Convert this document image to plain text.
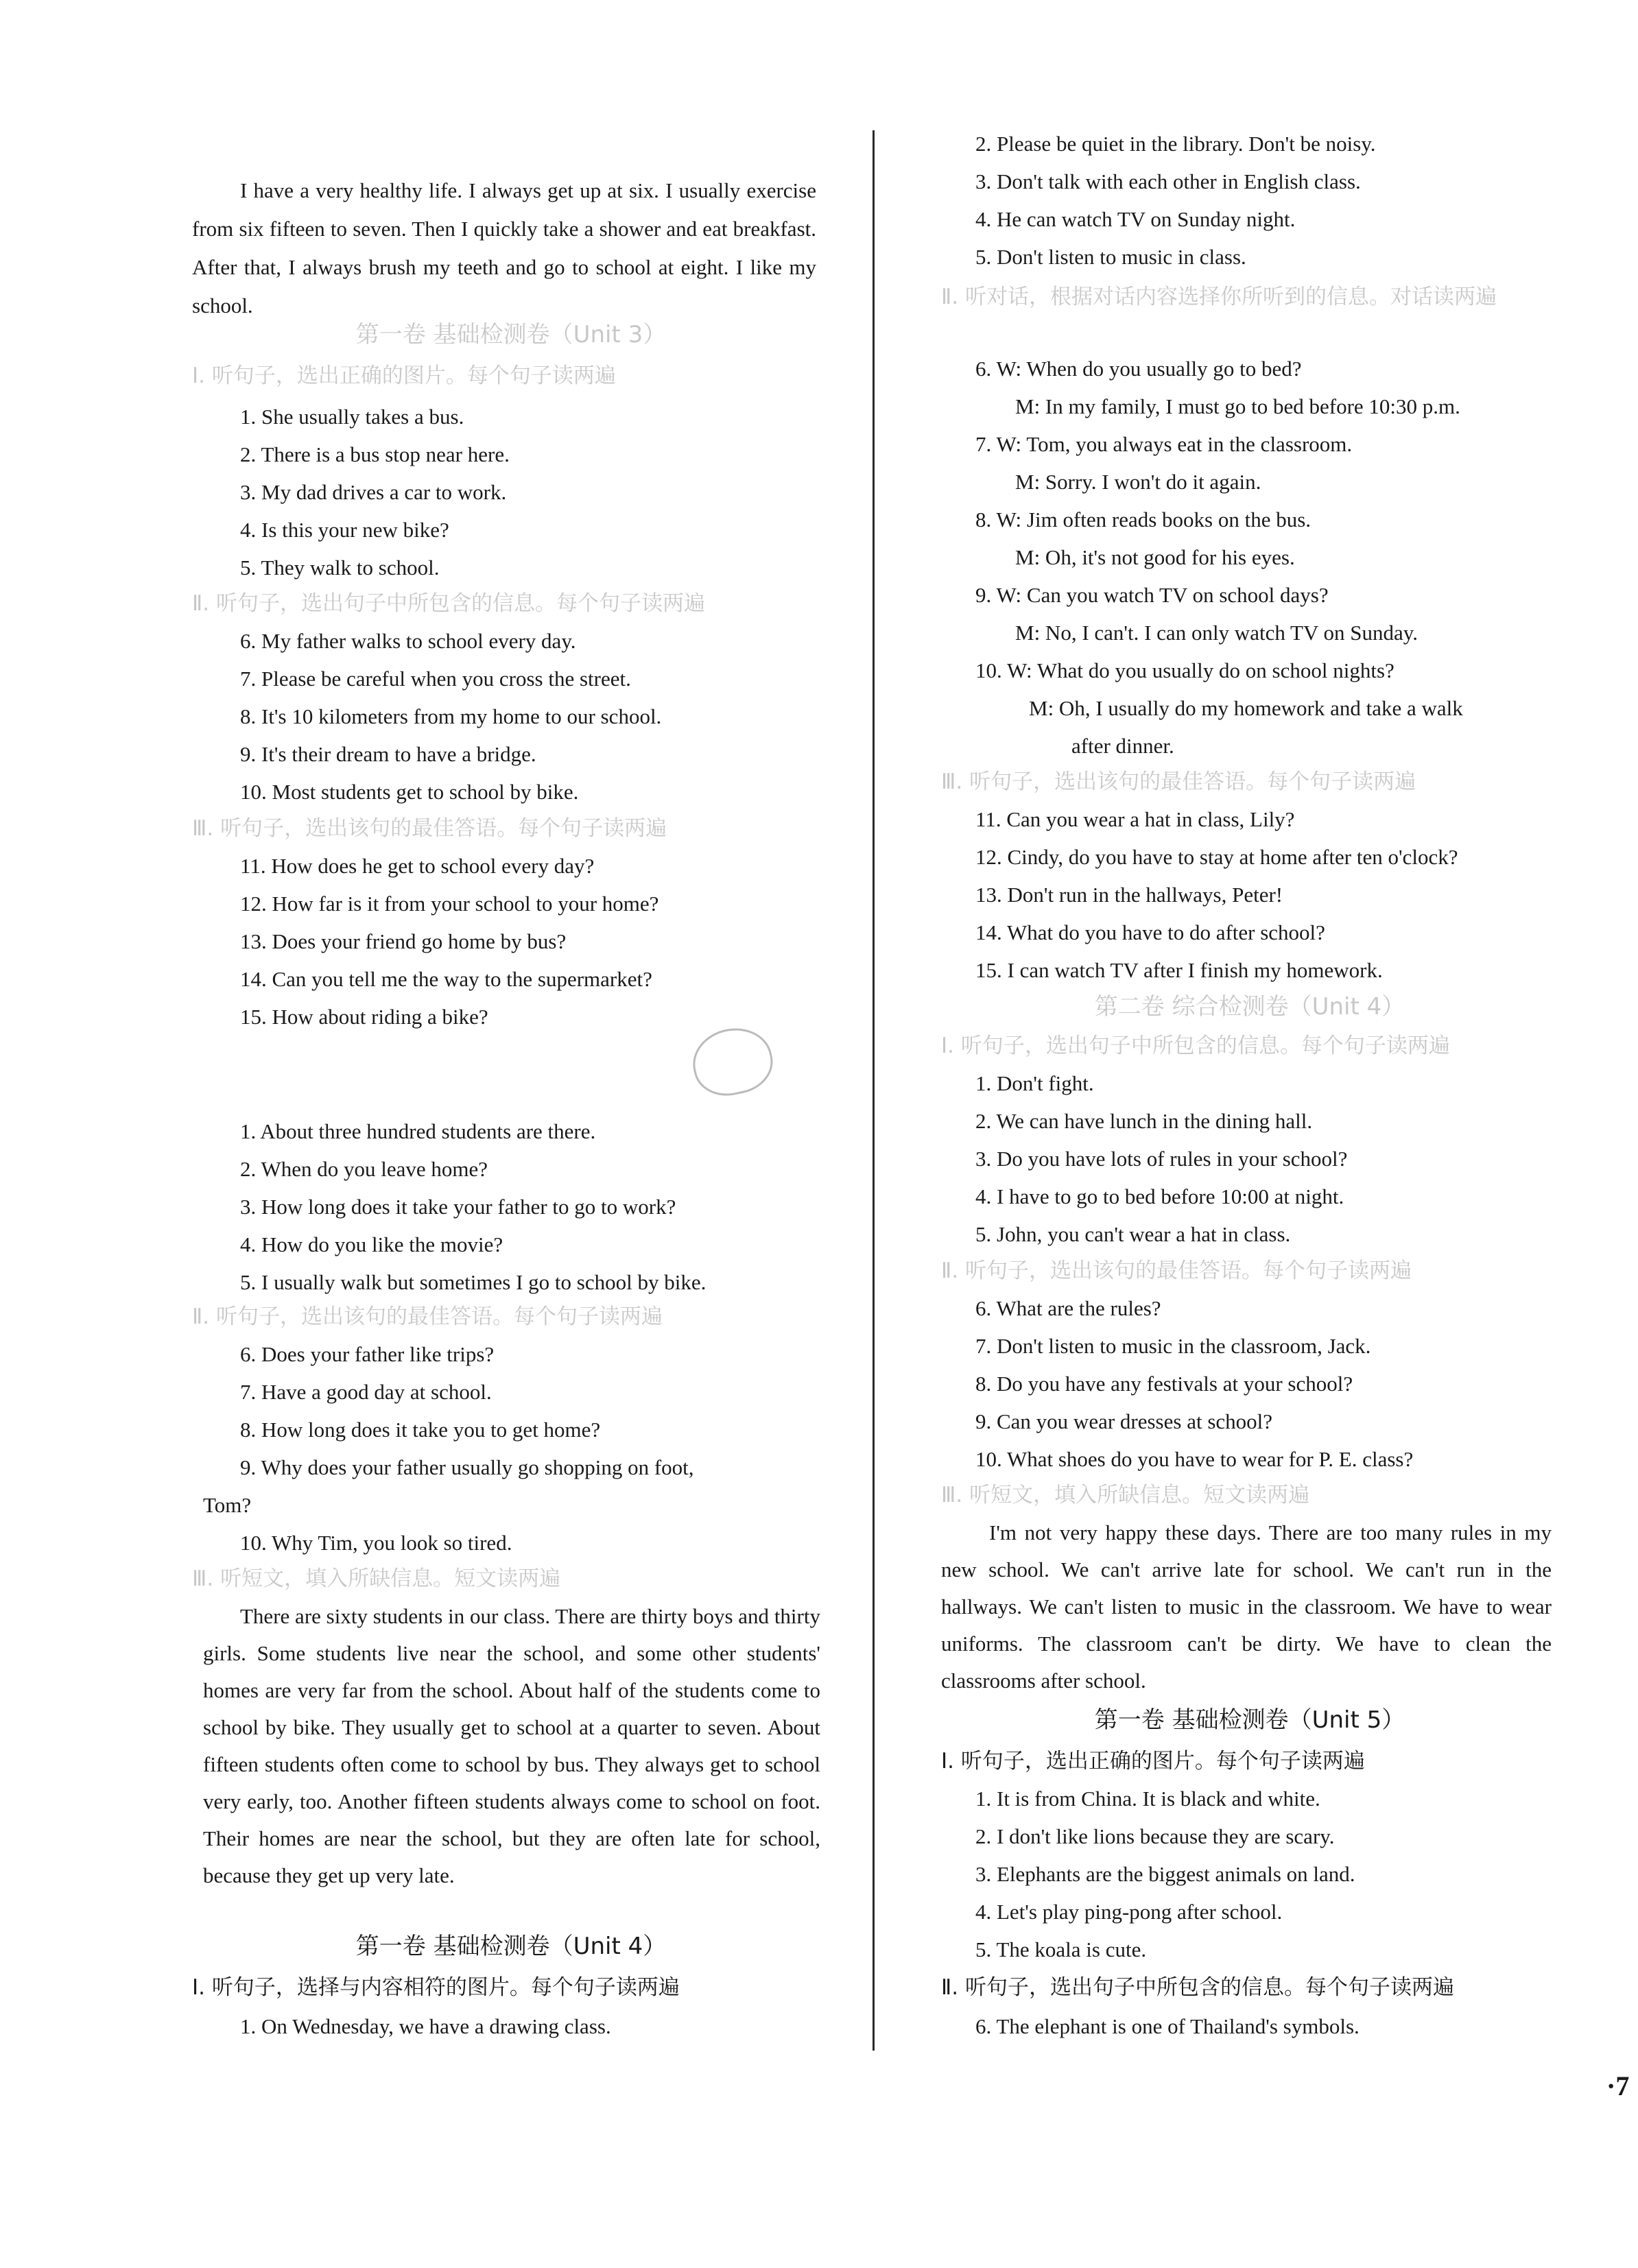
I have a very healthy life. I always get up at six. I usually exercise from six fifteen to seven. Then I quickly take a shower and eat breakfast. After that, I always brush my teeth and go to school at eight. I like my school.
第一卷 基础检测卷（Unit 3）
Ⅰ. 听句子，选出正确的图片。每个句子读两遍
1. She usually takes a bus.
2. There is a bus stop near here.
3. My dad drives a car to work.
4. Is this your new bike?
5. They walk to school.
Ⅱ. 听句子，选出句子中所包含的信息。每个句子读两遍
6. My father walks to school every day.
7. Please be careful when you cross the street.
8. It's 10 kilometers from my home to our school.
9. It's their dream to have a bridge.
10. Most students get to school by bike.
Ⅲ. 听句子，选出该句的最佳答语。每个句子读两遍
11. How does he get to school every day?
12. How far is it from your school to your home?
13. Does your friend go home by bus?
14. Can you tell me the way to the supermarket?
15. How about riding a bike?
1. About three hundred students are there.
2. When do you leave home?
3. How long does it take your father to go to work?
4. How do you like the movie?
5. I usually walk but sometimes I go to school by bike.
Ⅱ. 听句子，选出该句的最佳答语。每个句子读两遍
6. Does your father like trips?
7. Have a good day at school.
8. How long does it take you to get home?
9. Why does your father usually go shopping on foot,
Tom?
10. Why Tim, you look so tired.
Ⅲ. 听短文，填入所缺信息。短文读两遍
There are sixty students in our class. There are thirty boys and thirty girls. Some students live near the school, and some other students' homes are very far from the school. About half of the students come to school by bike. They usually get to school at a quarter to seven. About fifteen students often come to school by bus. They always get to school very early, too. Another fifteen students always come to school on foot. Their homes are near the school, but they are often late for school, because they get up very late.
第一卷 基础检测卷（Unit 4）
Ⅰ. 听句子，选择与内容相符的图片。每个句子读两遍
1. On Wednesday, we have a drawing class.
2. Please be quiet in the library. Don't be noisy.
3. Don't talk with each other in English class.
4. He can watch TV on Sunday night.
5. Don't listen to music in class.
Ⅱ. 听对话，根据对话内容选择你所听到的信息。对话读两遍
6. W: When do you usually go to bed?
M: In my family, I must go to bed before 10:30 p.m.
7. W: Tom, you always eat in the classroom.
M: Sorry. I won't do it again.
8. W: Jim often reads books on the bus.
M: Oh, it's not good for his eyes.
9. W: Can you watch TV on school days?
M: No, I can't. I can only watch TV on Sunday.
10. W: What do you usually do on school nights?
M: Oh, I usually do my homework and take a walk
after dinner.
Ⅲ. 听句子，选出该句的最佳答语。每个句子读两遍
11. Can you wear a hat in class, Lily?
12. Cindy, do you have to stay at home after ten o'clock?
13. Don't run in the hallways, Peter!
14. What do you have to do after school?
15. I can watch TV after I finish my homework.
第二卷 综合检测卷（Unit 4）
Ⅰ. 听句子，选出句子中所包含的信息。每个句子读两遍
1. Don't fight.
2. We can have lunch in the dining hall.
3. Do you have lots of rules in your school?
4. I have to go to bed before 10:00 at night.
5. John, you can't wear a hat in class.
Ⅱ. 听句子，选出该句的最佳答语。每个句子读两遍
6. What are the rules?
7. Don't listen to music in the classroom, Jack.
8. Do you have any festivals at your school?
9. Can you wear dresses at school?
10. What shoes do you have to wear for P. E. class?
Ⅲ. 听短文，填入所缺信息。短文读两遍
I'm not very happy these days. There are too many rules in my new school. We can't arrive late for school. We can't run in the hallways. We can't listen to music in the classroom. We have to wear uniforms. The classroom can't be dirty. We have to clean the classrooms after school.
第一卷 基础检测卷（Unit 5）
Ⅰ. 听句子，选出正确的图片。每个句子读两遍
1. It is from China. It is black and white.
2. I don't like lions because they are scary.
3. Elephants are the biggest animals on land.
4. Let's play ping-pong after school.
5. The koala is cute.
Ⅱ. 听句子，选出句子中所包含的信息。每个句子读两遍
6. The elephant is one of Thailand's symbols.
·7
